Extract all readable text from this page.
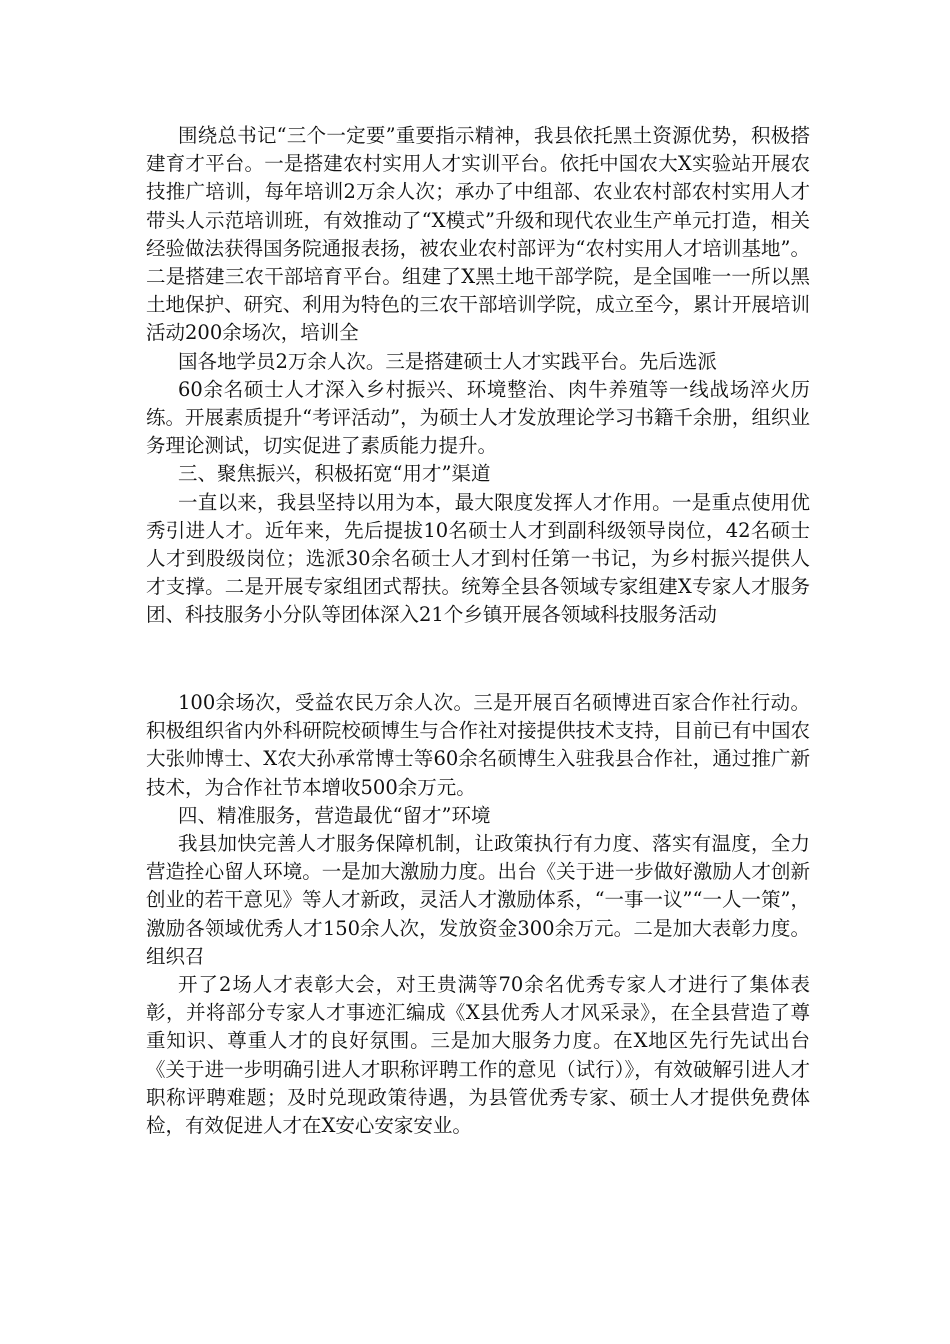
围绕总书记“三个一定要”重要指示精神，我县依托黑土资源优势，积极搭建育才平台。一是搭建农村实用人才实训平台。依托中国农大X实验站开展农技推广培训，每年培训2万余人次；承办了中组部、农业农村部农村实用人才带头人示范培训班，有效推动了“X模式”升级和现代农业生产单元打造，相关经验做法获得国务院通报表扬，被农业农村部评为“农村实用人才培训基地”。二是搭建三农干部培育平台。组建了X黑土地干部学院，是全国唯一一所以黑土地保护、研究、利用为特色的三农干部培训学院，成立至今，累计开展培训活动200余场次，培训全

国各地学员2万余人次。三是搭建硕士人才实践平台。先后选派

60余名硕士人才深入乡村振兴、环境整治、肉牛养殖等一线战场淬火历练。开展素质提升“考评活动”，为硕士人才发放理论学习书籍千余册，组织业务理论测试，切实促进了素质能力提升。

三、聚焦振兴，积极拓宽“用才”渠道

一直以来，我县坚持以用为本，最大限度发挥人才作用。一是重点使用优秀引进人才。近年来，先后提拔10名硕士人才到副科级领导岗位，42名硕士人才到股级岗位；选派30余名硕士人才到村任第一书记，为乡村振兴提供人才支撑。二是开展专家组团式帮扶。统筹全县各领域专家组建X专家人才服务团、科技服务小分队等团体深入21个乡镇开展各领域科技服务活动

100余场次，受益农民万余人次。三是开展百名硕博进百家合作社行动。积极组织省内外科研院校硕博生与合作社对接提供技术支持，目前已有中国农大张帅博士、X农大孙承常博士等60余名硕博生入驻我县合作社，通过推广新技术，为合作社节本增收500余万元。

四、精准服务，营造最优“留才”环境

我县加快完善人才服务保障机制，让政策执行有力度、落实有温度，全力营造拴心留人环境。一是加大激励力度。出台《关于进一步做好激励人才创新创业的若干意见》等人才新政，灵活人才激励体系，“一事一议”“一人一策”，激励各领域优秀人才150余人次，发放资金300余万元。二是加大表彰力度。组织召

开了2场人才表彰大会，对王贵满等70余名优秀专家人才进行了集体表彰，并将部分专家人才事迹汇编成《X县优秀人才风采录》，在全县营造了尊重知识、尊重人才的良好氛围。三是加大服务力度。在X地区先行先试出台《关于进一步明确引进人才职称评聘工作的意见（试行）》，有效破解引进人才职称评聘难题；及时兑现政策待遇，为县管优秀专家、硕士人才提供免费体检，有效促进人才在X安心安家安业。
